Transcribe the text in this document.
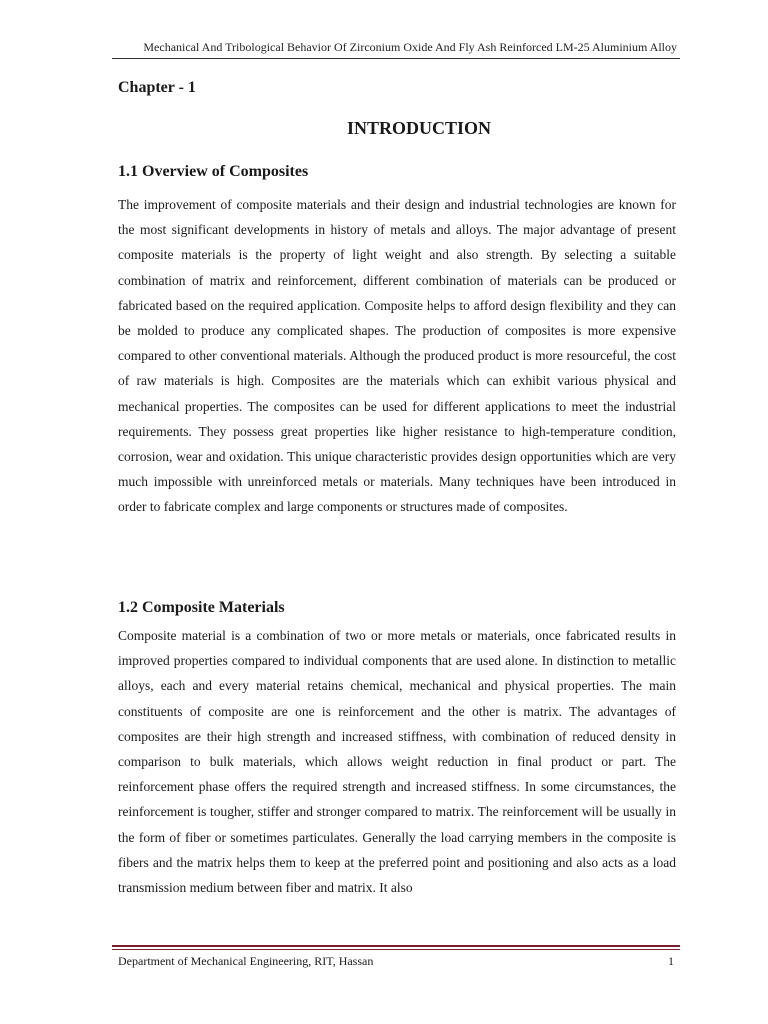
Mechanical And Tribological Behavior Of Zirconium Oxide And Fly Ash Reinforced LM-25 Aluminium Alloy
Chapter - 1
INTRODUCTION
1.1 Overview of Composites

The improvement of composite materials and their design and industrial technologies are known for the most significant developments in history of metals and alloys. The major advantage of present composite materials is the property of light weight and also strength. By selecting a suitable combination of matrix and reinforcement, different combination of materials can be produced or fabricated based on the required application. Composite helps to afford design flexibility and they can be molded to produce any complicated shapes. The production of composites is more expensive compared to other conventional materials. Although the produced product is more resourceful, the cost of raw materials is high. Composites are the materials which can exhibit various physical and mechanical properties. The composites can be used for different applications to meet the industrial requirements. They possess great properties like higher resistance to high-temperature condition, corrosion, wear and oxidation. This unique characteristic provides design opportunities which are very much impossible with unreinforced metals or materials. Many techniques have been introduced in order to fabricate complex and large components or structures made of composites.

1.2 Composite Materials

Composite material is a combination of two or more metals or materials, once fabricated results in improved properties compared to individual components that are used alone. In distinction to metallic alloys, each and every material retains chemical, mechanical and physical properties. The main constituents of composite are one is reinforcement and the other is matrix. The advantages of composites are their high strength and increased stiffness, with combination of reduced density in comparison to bulk materials, which allows weight reduction in final product or part. The reinforcement phase offers the required strength and increased stiffness. In some circumstances, the reinforcement is tougher, stiffer and stronger compared to matrix. The reinforcement will be usually in the form of fiber or sometimes particulates. Generally the load carrying members in the composite is fibers and the matrix helps them to keep at the preferred point and positioning and also acts as a load transmission medium between fiber and matrix. It also

Department of Mechanical Engineering, RIT, Hassan	1
